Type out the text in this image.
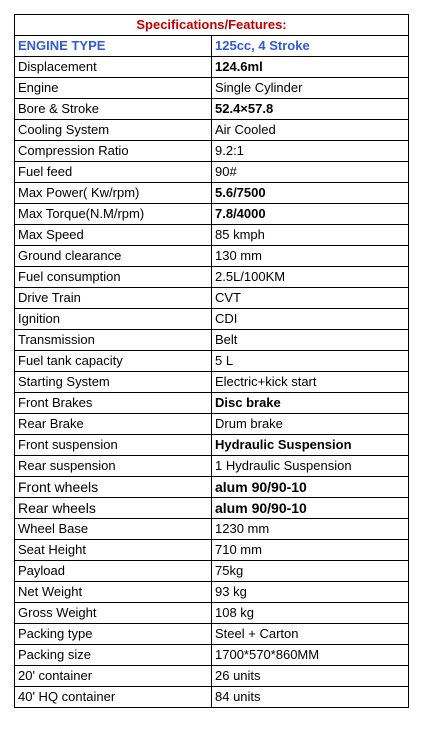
Specifications/Features:	
ENGINE TYPE	125cc, 4 Stroke
Displacement	124.6ml
Engine	Single Cylinder
Bore & Stroke	52.4×57.8
Cooling System	Air Cooled
Compression Ratio	9.2:1
Fuel feed	90#
Max Power( Kw/rpm)	5.6/7500
Max Torque(N.M/rpm)	7.8/4000
Max Speed	85 kmph
Ground clearance	130 mm
Fuel consumption	2.5L/100KM
Drive Train	CVT
Ignition	CDI
Transmission	Belt
Fuel tank capacity	5 L
Starting System	Electric+kick start
Front Brakes	Disc brake
Rear Brake	Drum brake
Front suspension	Hydraulic Suspension
Rear suspension	1 Hydraulic Suspension
Front wheels	alum 90/90-10
Rear wheels	alum 90/90-10
Wheel Base	1230 mm
Seat Height	710 mm
Payload	75kg
Net Weight	93 kg
Gross Weight	108 kg
Packing type	Steel + Carton
Packing size	1700*570*860MM
20' container	26 units
40' HQ container	84 units
